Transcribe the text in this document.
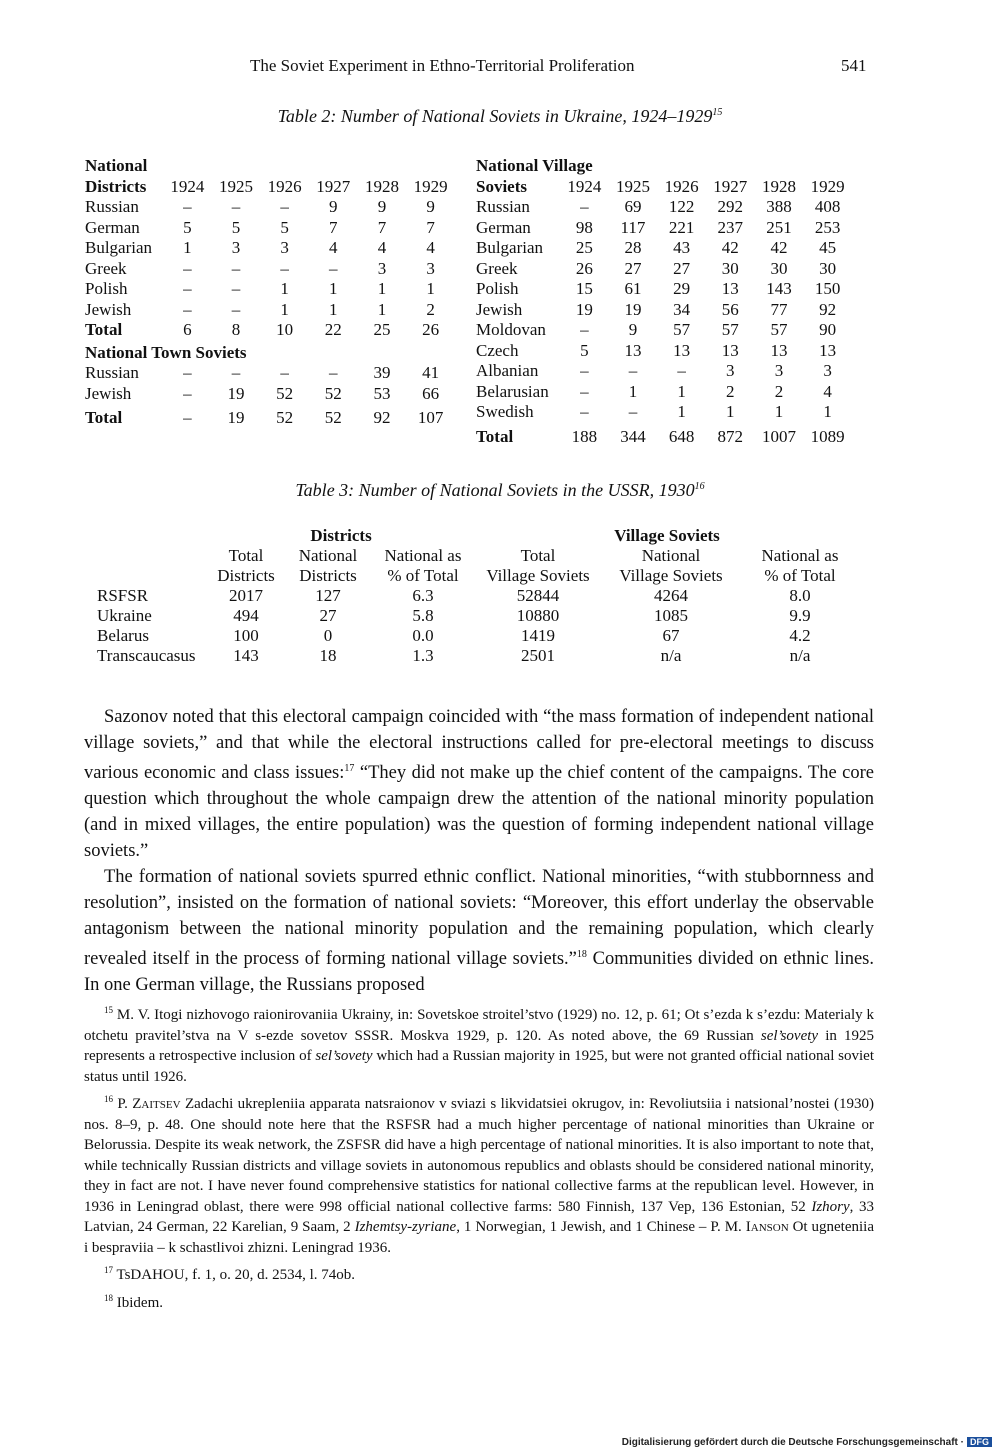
The Soviet Experiment in Ethno-Territorial Proliferation	541
Table 2: Number of National Soviets in Ukraine, 1924–1929$^{15}$
National						
Districts	1924	1925	1926	1927	1928	1929
Russian	–	–	–	9	9	9
German	5	5	5	7	7	7
Bulgarian	1	3	3	4	4	4
Greek	–	–	–	–	3	3
Polish	–	–	1	1	1	1
Jewish	–	–	1	1	1	2
Total	6	8	10	22	25	26
National Town Soviets						
Russian	–	–	–	–	39	41
Jewish	–	19	52	52	53	66
Total	–	19	52	52	92	107
National Village						
Soviets	1924	1925	1926	1927	1928	1929
Russian	–	69	122	292	388	408
German	98	117	221	237	251	253
Bulgarian	25	28	43	42	42	45
Greek	26	27	27	30	30	30
Polish	15	61	29	13	143	150
Jewish	19	19	34	56	77	92
Moldovan	–	9	57	57	57	90
Czech	5	13	13	13	13	13
Albanian	–	–	–	3	3	3
Belarusian	–	1	1	2	2	4
Swedish	–	–	1	1	1	1
Total	188	344	648	872	1007	1089
Table 3: Number of National Soviets in the USSR, 1930$^{16}$
	Districts			Village Soviets		
	Total	National	National as	Total	National	National as
	Districts	Districts	% of Total	Village Soviets	Village Soviets	% of Total
RSFSR	2017	127	6.3	52844	4264	8.0
Ukraine	494	27	5.8	10880	1085	9.9
Belarus	100	0	0.0	1419	67	4.2
Transcaucasus	143	18	1.3	2501	n/a	n/a

Sazonov noted that this electoral campaign coincided with “the mass formation of independent national village soviets,” and that while the electoral instructions called for pre-electoral meetings to discuss various economic and class issues:$^{17}$ “They did not make up the chief content of the campaigns. The core question which throughout the whole campaign drew the attention of the national minority population (and in mixed villages, the entire population) was the question of forming independent national village soviets.”

The formation of national soviets spurred ethnic conflict. National minorities, “with stubbornness and resolution”, insisted on the formation of national soviets: “Moreover, this effort underlay the observable antagonism between the national minority population and the remaining population, which clearly revealed itself in the process of forming national village soviets.”$^{18}$ Communities divided on ethnic lines. In one German village, the Russians proposed

$^{15}$ M. V. Itogi nizhovogo raionirovaniia Ukrainy, in: Sovetskoe stroitel’stvo (1929) no. 12, p. 61; Ot s’ezda k s’ezdu: Materialy k otchetu pravitel’stva na V s-ezde sovetov SSSR. Moskva 1929, p. 120. As noted above, the 69 Russian sel’sovety in 1925 represents a retrospective inclusion of sel’sovety which had a Russian majority in 1925, but were not granted official national soviet status until 1926.

$^{16}$ P. Zaitsev Zadachi ukrepleniia apparata natsraionov v sviazi s likvidatsiei okrugov, in: Revoliutsiia i natsional’nostei (1930) nos. 8–9, p. 48. One should note here that the RSFSR had a much higher percentage of national minorities than Ukraine or Belorussia. Despite its weak network, the ZSFSR did have a high percentage of national minorities. It is also important to note that, while technically Russian districts and village soviets in autonomous republics and oblasts should be considered national minority, they in fact are not. I have never found comprehensive statistics for national collective farms at the republican level. However, in 1936 in Leningrad oblast, there were 998 official national collective farms: 580 Finnish, 137 Vep, 136 Estonian, 52 Izhory, 33 Latvian, 24 German, 22 Karelian, 9 Saam, 2 Izhemtsy-zyriane, 1 Norwegian, 1 Jewish, and 1 Chinese – P. M. Ianson Ot ugneteniia i bespraviia – k schastlivoi zhizni. Leningrad 1936.

$^{17}$ TsDAHOU, f. 1, o. 20, d. 2534, l. 74ob.

$^{18}$ Ibidem.

Digitalisierung gefördert durch die Deutsche Forschungsgemeinschaft · DFG
